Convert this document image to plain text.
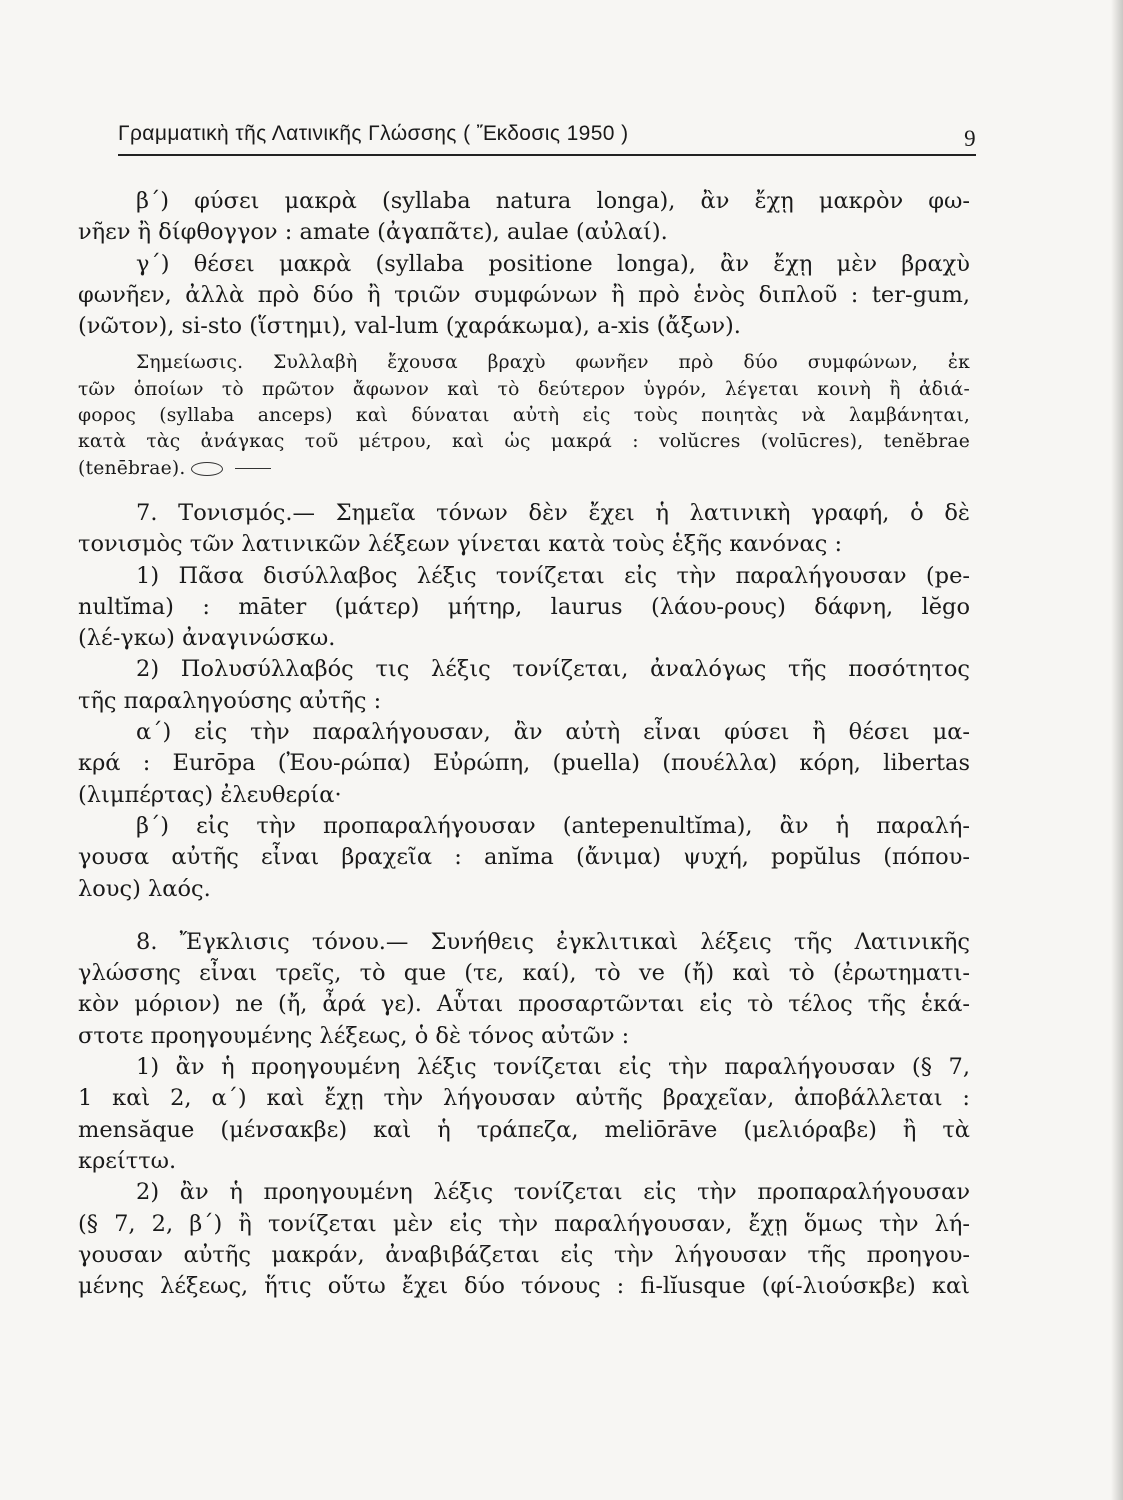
Γραμματικὴ τῆς Λατινικῆς Γλώσσης ( Ἔκδοσις 1950 )	9
β´) φύσει μακρὰ (syllaba natura longa), ἂν ἔχῃ μακρὸν φω-
νῆεν ἢ δίφθογγον : amate (ἀγαπᾶτε), aulae (αὐλαί).
γ´) θέσει μακρὰ (syllaba positione longa), ἂν ἔχῃ μὲν βραχὺ
φωνῆεν, ἀλλὰ πρὸ δύο ἢ τριῶν συμφώνων ἢ πρὸ ἑνὸς διπλοῦ : ter-gum,
(νῶτον), si-sto (ἵστημι), val-lum (χαράκωμα), a-xis (ἄξων).
Σημείωσις. Συλλαβὴ ἔχουσα βραχὺ φωνῆεν πρὸ δύο συμφώνων, ἐκ
τῶν ὁποίων τὸ πρῶτον ἄφωνον καὶ τὸ δεύτερον ὑγρόν, λέγεται κοινὴ ἢ ἀδιά-
φορος (syllaba anceps) καὶ δύναται αὐτὴ εἰς τοὺς ποιητὰς νὰ λαμβάνηται,
κατὰ τὰς ἀνάγκας τοῦ μέτρου, καὶ ὡς μακρά : volŭcres (volūcres), tenĕbrae
(tenēbrae).
7. Τονισμός.— Σημεῖα τόνων δὲν ἔχει ἡ λατινικὴ γραφή, ὁ δὲ
τονισμὸς τῶν λατινικῶν λέξεων γίνεται κατὰ τοὺς ἑξῆς κανόνας :
1) Πᾶσα δισύλλαβος λέξις τονίζεται εἰς τὴν παραλήγουσαν (pe-
nultĭma) : māter (μάτερ) μήτηρ, laurus (λάου-ρους) δάφνη, lĕgo
(λέ-γκω) ἀναγινώσκω.
2) Πολυσύλλαβός τις λέξις τονίζεται, ἀναλόγως τῆς ποσότητος
τῆς παραληγούσης αὐτῆς :
α´) εἰς τὴν παραλήγουσαν, ἂν αὐτὴ εἶναι φύσει ἢ θέσει μα-
κρά : Eurōpa (Ἐου-ρώπα) Εὐρώπη, (puella) (πουέλλα) κόρη, libertas
(λιμπέρτας) ἐλευθερία·
β´) εἰς τὴν προπαραλήγουσαν (antepenultĭma), ἂν ἡ παραλή-
γουσα αὐτῆς εἶναι βραχεῖα : anĭma (ἄνιμα) ψυχή, popŭlus (πόπου-
λους) λαός.
8. Ἔγκλισις τόνου.— Συνήθεις ἐγκλιτικαὶ λέξεις τῆς Λατινικῆς
γλώσσης εἶναι τρεῖς, τὸ que (τε, καί), τὸ ve (ἤ) καὶ τὸ (ἐρωτηματι-
κὸν μόριον) ne (ἤ, ἆρά γε). Αὗται προσαρτῶνται εἰς τὸ τέλος τῆς ἑκά-
στοτε προηγουμένης λέξεως, ὁ δὲ τόνος αὐτῶν :
1) ἂν ἡ προηγουμένη λέξις τονίζεται εἰς τὴν παραλήγουσαν (§ 7,
1 καὶ 2, α´) καὶ ἔχῃ τὴν λήγουσαν αὐτῆς βραχεῖαν, ἀποβάλλεται :
mensăque (μένσακβε) καὶ ἡ τράπεζα, meliōrāve (μελιόραβε) ἢ τὰ
κρείττω.
2) ἂν ἡ προηγουμένη λέξις τονίζεται εἰς τὴν προπαραλήγουσαν
(§ 7, 2, β´) ἢ τονίζεται μὲν εἰς τὴν παραλήγουσαν, ἔχῃ ὅμως τὴν λή-
γουσαν αὐτῆς μακράν, ἀναβιβάζεται εἰς τὴν λήγουσαν τῆς προηγου-
μένης λέξεως, ἥτις οὕτω ἔχει δύο τόνους : fi-lĭusque (φί-λιούσκβε) καὶ
